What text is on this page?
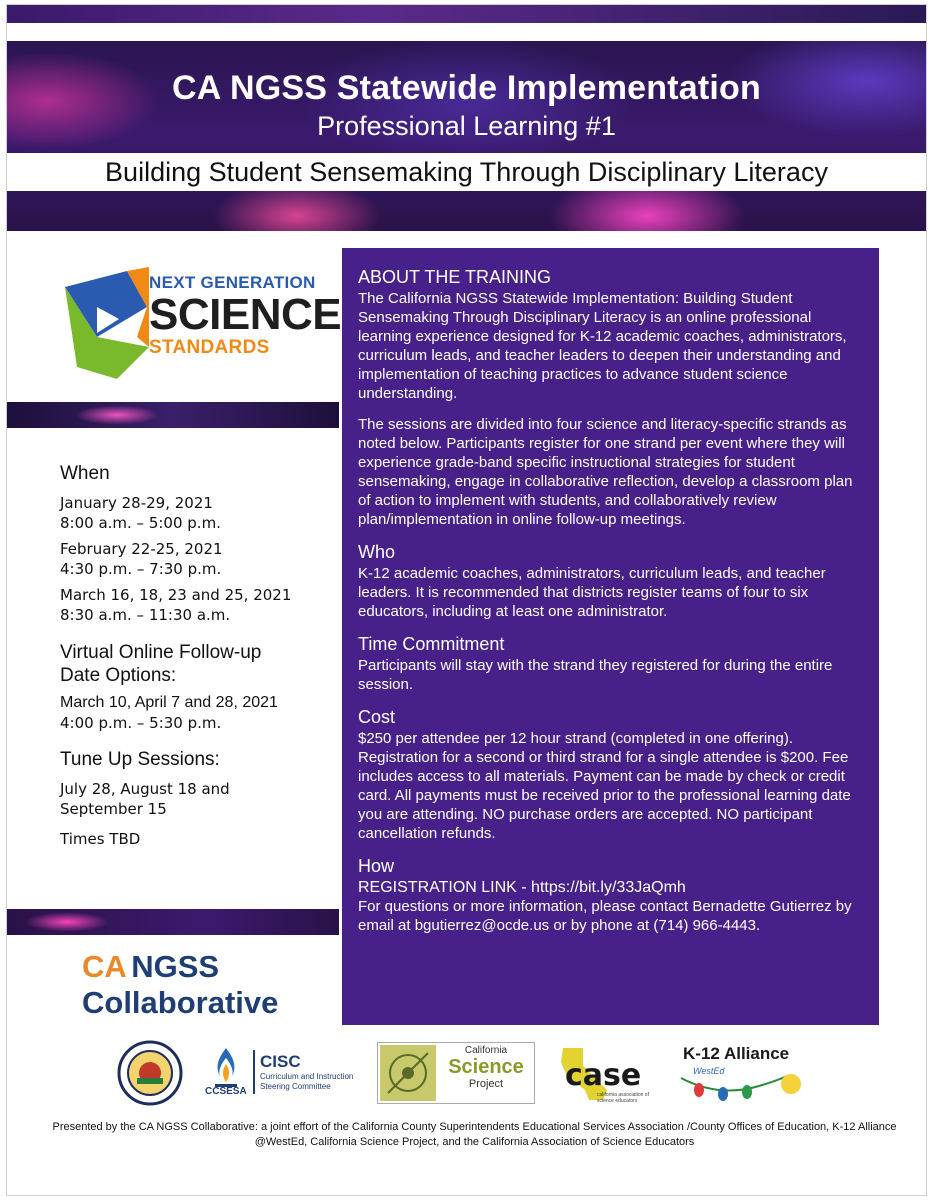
CA NGSS Statewide Implementation
Professional Learning #1
Building Student Sensemaking Through Disciplinary Literacy
NEXT GENERATION
SCIENCE
STANDARDS
When
January 28-29, 2021
8:00 a.m. – 5:00 p.m.
February 22-25, 2021
4:30 p.m. – 7:30 p.m.
March 16, 18, 23 and 25, 2021
8:30 a.m. – 11:30 a.m.
Virtual Online Follow-up
Date Options:
March 10, April 7 and 28, 2021
4:00 p.m. – 5:30 p.m.
Tune Up Sessions:
July 28, August 18 and
September 15
Times TBD
CA NGSS
Collaborative
ABOUT THE TRAINING

The California NGSS Statewide Implementation: Building Student Sensemaking Through Disciplinary Literacy is an online professional learning experience designed for K-12 academic coaches, administrators, curriculum leads, and teacher leaders to deepen their understanding and implementation of teaching practices to advance student science understanding.

The sessions are divided into four science and literacy-specific strands as noted below. Participants register for one strand per event where they will experience grade-band specific instructional strategies for student sensemaking, engage in collaborative reflection, develop a classroom plan of action to implement with students, and collaboratively review plan/implementation in online follow-up meetings.

Who

K-12 academic coaches, administrators, curriculum leads, and teacher leaders. It is recommended that districts register teams of four to six educators, including at least one administrator.

Time Commitment

Participants will stay with the strand they registered for during the entire session.

Cost

$250 per attendee per 12 hour strand (completed in one offering). Registration for a second or third strand for a single attendee is $200. Fee includes access to all materials. Payment can be made by check or credit card. All payments must be received prior to the professional learning date you are attending. NO purchase orders are accepted. NO participant cancellation refunds.

How
REGISTRATION LINK - https://bit.ly/33JaQmh

For questions or more information, please contact Bernadette Gutierrez by email at bgutierrez@ocde.us or by phone at (714) 966-4443.

CCSESA
CISC
Curriculum and Instruction
Steering Committee
California
Science
Project	case
california association of science educators
K-12 Alliance
WestEd
Presented by the CA NGSS Collaborative: a joint effort of the California County Superintendents Educational Services Association /County Offices of Education, K-12 Alliance @WestEd, California Science Project, and the California Association of Science Educators
